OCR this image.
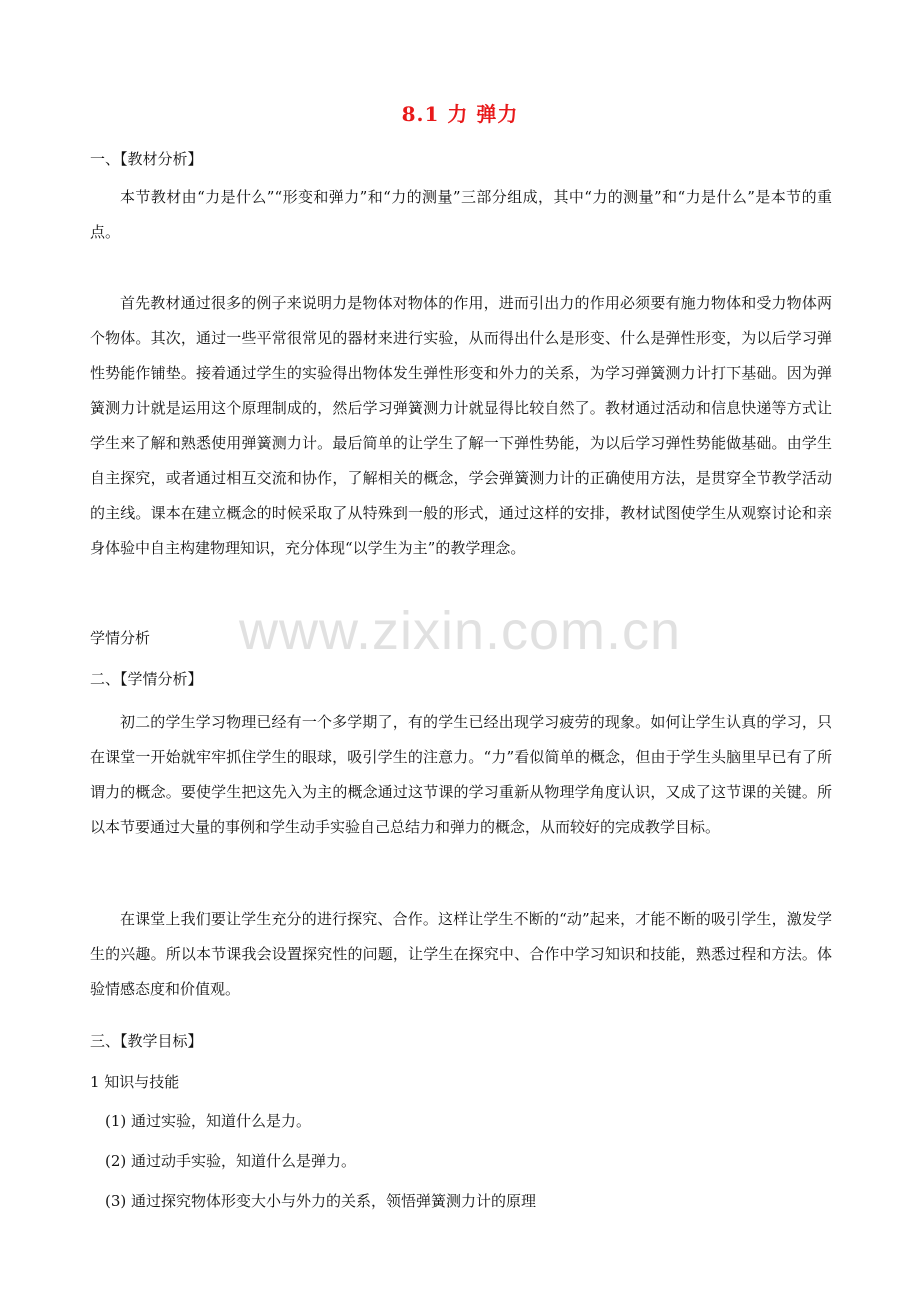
8.1 力 弹力
一、【教材分析】
本节教材由“力是什么”“形变和弹力”和“力的测量”三部分组成，其中“力的测量”和“力是什么”是本节的重点。
首先教材通过很多的例子来说明力是物体对物体的作用，进而引出力的作用必须要有施力物体和受力物体两个物体。其次，通过一些平常很常见的器材来进行实验，从而得出什么是形变、什么是弹性形变，为以后学习弹性势能作铺垫。接着通过学生的实验得出物体发生弹性形变和外力的关系，为学习弹簧测力计打下基础。因为弹簧测力计就是运用这个原理制成的，然后学习弹簧测力计就显得比较自然了。教材通过活动和信息快递等方式让学生来了解和熟悉使用弹簧测力计。最后简单的让学生了解一下弹性势能，为以后学习弹性势能做基础。由学生自主探究，或者通过相互交流和协作，了解相关的概念，学会弹簧测力计的正确使用方法，是贯穿全节教学活动的主线。课本在建立概念的时候采取了从特殊到一般的形式，通过这样的安排，教材试图使学生从观察讨论和亲身体验中自主构建物理知识，充分体现“以学生为主”的教学理念。
学情分析
二、【学情分析】
初二的学生学习物理已经有一个多学期了，有的学生已经出现学习疲劳的现象。如何让学生认真的学习，只在课堂一开始就牢牢抓住学生的眼球，吸引学生的注意力。“力”看似简单的概念，但由于学生头脑里早已有了所谓力的概念。要使学生把这先入为主的概念通过这节课的学习重新从物理学角度认识，又成了这节课的关键。所以本节要通过大量的事例和学生动手实验自己总结力和弹力的概念，从而较好的完成教学目标。
在课堂上我们要让学生充分的进行探究、合作。这样让学生不断的“动”起来，才能不断的吸引学生，激发学生的兴趣。所以本节课我会设置探究性的问题，让学生在探究中、合作中学习知识和技能，熟悉过程和方法。体验情感态度和价值观。
三、【教学目标】
1 知识与技能
(1) 通过实验，知道什么是力。
(2) 通过动手实验，知道什么是弹力。
(3) 通过探究物体形变大小与外力的关系，领悟弹簧测力计的原理
www.zixin.com.cn
